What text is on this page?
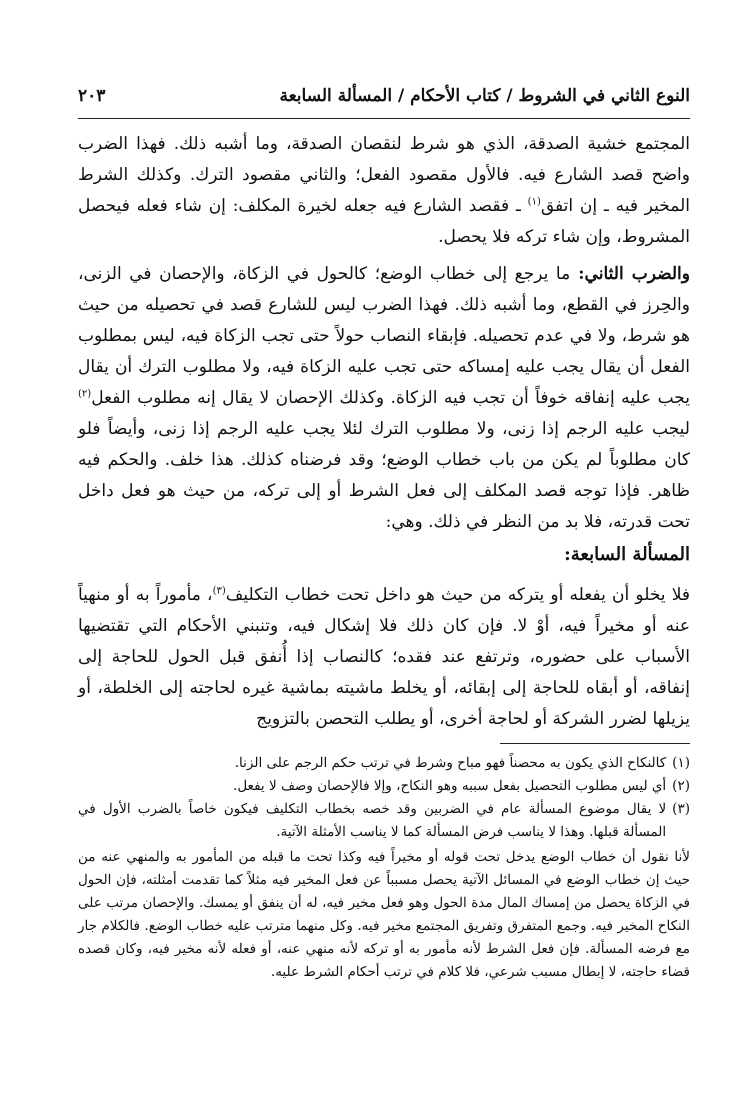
النوع الثاني في الشروط / كتاب الأحكام / المسألة السابعة
٢٠٣

المجتمع خشية الصدقة، الذي هو شرط لنقصان الصدقة، وما أشبه ذلك. فهذا الضرب واضح قصد الشارع فيه. فالأول مقصود الفعل؛ والثاني مقصود الترك. وكذلك الشرط المخير فيه ـ إن اتفق$^{(١)}$ ـ فقصد الشارع فيه جعله لخيرة المكلف: إن شاء فعله فيحصل المشروط، وإن شاء تركه فلا يحصل.

والضرب الثاني: ما يرجع إلى خطاب الوضع؛ كالحول في الزكاة، والإحصان في الزنى، والحِرز في القطع، وما أشبه ذلك. فهذا الضرب ليس للشارع قصد في تحصيله من حيث هو شرط، ولا في عدم تحصيله. فإبقاء النصاب حولاً حتى تجب الزكاة فيه، ليس بمطلوب الفعل أن يقال يجب عليه إمساكه حتى تجب عليه الزكاة فيه، ولا مطلوب الترك أن يقال يجب عليه إنفاقه خوفاً أن تجب فيه الزكاة. وكذلك الإحصان لا يقال إنه مطلوب الفعل$^{(٢)}$ ليجب عليه الرجم إذا زنى، ولا مطلوب الترك لئلا يجب عليه الرجم إذا زنى، وأيضاً فلو كان مطلوباً لم يكن من باب خطاب الوضع؛ وقد فرضناه كذلك. هذا خلف. والحكم فيه ظاهر. فإذا توجه قصد المكلف إلى فعل الشرط أو إلى تركه، من حيث هو فعل داخل تحت قدرته، فلا بد من النظر في ذلك. وهي:

المسألة السابعة:

فلا يخلو أن يفعله أو يتركه من حيث هو داخل تحت خطاب التكليف$^{(٣)}$، مأموراً به أو منهياً عنه أو مخيراً فيه، أوْ لا. فإن كان ذلك فلا إشكال فيه، وتنبني الأحكام التي تقتضيها الأسباب على حضوره، وترتفع عند فقده؛ كالنصاب إذا أُنفق قبل الحول للحاجة إلى إنفاقه، أو أبقاه للحاجة إلى إبقائه، أو يخلط ماشيته بماشية غيره لحاجته إلى الخلطة، أو يزيلها لضرر الشركة أو لحاجة أخرى، أو يطلب التحصن بالتزويج

(١)
كالنكاح الذي يكون به محصناً فهو مباح وشرط في ترتب حكم الرجم على الزنا.
(٢)
أي ليس مطلوب التحصيل بفعل سببه وهو النكاح، وإلا فالإحصان وصف لا يفعل.
(٣)
لا يقال موضوع المسألة عام في الضربين وقد خصه بخطاب التكليف فيكون خاصاً بالضرب الأول في المسألة قبلها. وهذا لا يناسب فرض المسألة كما لا يناسب الأمثلة الآتية.

لأنا نقول أن خطاب الوضع يدخل تحت قوله أو مخيراً فيه وكذا تحت ما قبله من المأمور به والمنهي عنه من حيث إن خطاب الوضع في المسائل الآتية يحصل مسبباً عن فعل المخير فيه مثلاً كما تقدمت أمثلته، فإن الحول في الزكاة يحصل من إمساك المال مدة الحول وهو فعل مخير فيه، له أن ينفق أو يمسك. والإحصان مرتب على النكاح المخير فيه. وجمع المتفرق وتفريق المجتمع مخير فيه. وكل منهما مترتب عليه خطاب الوضع. فالكلام جار مع فرضه المسألة. فإن فعل الشرط لأنه مأمور به أو تركه لأنه منهي عنه، أو فعله لأنه مخير فيه، وكان قصده قضاء حاجته، لا إبطال مسبب شرعي، فلا كلام في ترتب أحكام الشرط عليه.
